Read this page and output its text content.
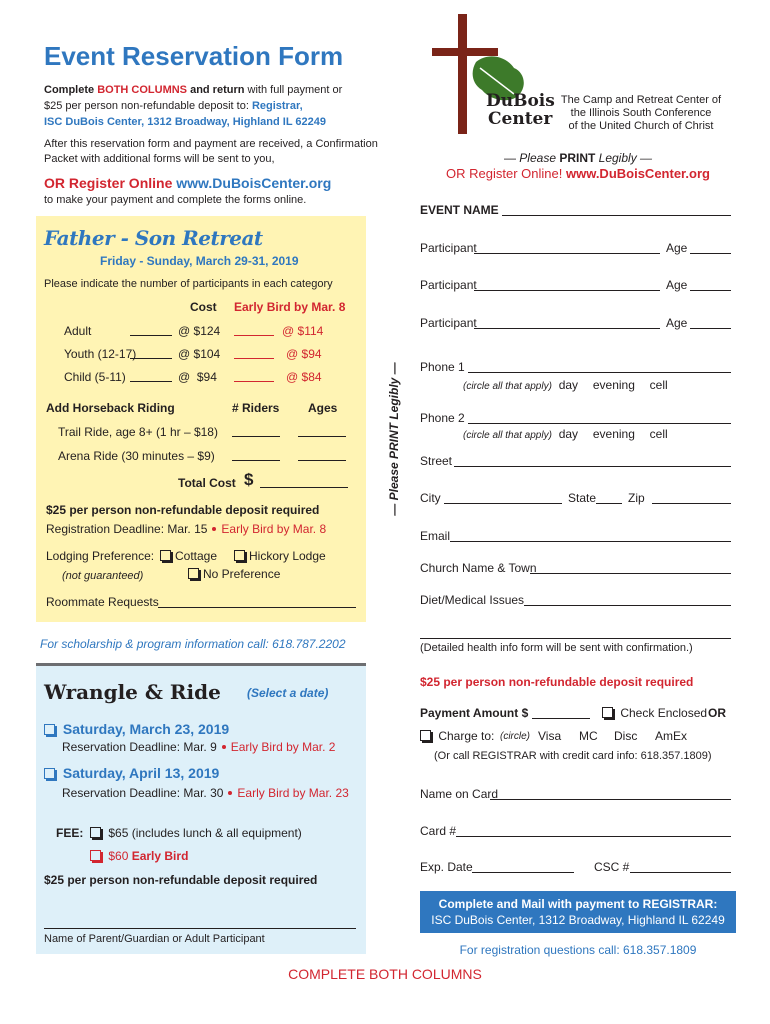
Event Reservation Form
Complete BOTH COLUMNS and return with full payment or
$25 per person non-refundable deposit to: Registrar,
ISC DuBois Center, 1312 Broadway, Highland IL 62249
After this reservation form and payment are received, a Confirmation
Packet with additional forms will be sent to you,
OR Register Online www.DuBoisCenter.org
to make your payment and complete the forms online.
DuBois
Center
The Camp and Retreat Center of
the Illinois South Conference
of the United Church of Christ
— Please PRINT Legibly —
OR Register Online! www.DuBoisCenter.org
Father - Son Retreat
Friday - Sunday, March 29-31, 2019
Please indicate the number of participants in each category
Cost Early Bird by Mar. 8
Adult	@ $124	@ $114
Youth (12-17)	@ $104	@ $94
Child (5-11)	@  $94	@ $84
Add Horseback Riding	# Riders Ages
Trail Ride, age 8+ (1 hr – $18)
Arena Ride (30 minutes – $9)
Total Cost $
$25 per person non-refundable deposit required
Registration Deadline: Mar. 15 Early Bird by Mar. 8
Lodging Preference:	Cottage	Hickory Lodge
(not guaranteed)	No Preference
Roommate Requests
For scholarship & program information call: 618.787.2202
Wrangle & Ride (Select a date)
Saturday, March 23, 2019
Reservation Deadline: Mar. 9 Early Bird by Mar. 2
Saturday, April 13, 2019
Reservation Deadline: Mar. 30 Early Bird by Mar. 23
FEE:	$65 (includes lunch & all equipment)
$60 Early Bird
$25 per person non-refundable deposit required
Name of Parent/Guardian or Adult Participant
— Please PRINT Legibly —
EVENT NAME
Participant	Age
Participant	Age
Participant	Age
Phone 1
(circle all that apply) day evening cell
Phone 2
(circle all that apply) day evening cell
Street
City	State	Zip
Email
Church Name & Town
Diet/Medical Issues
(Detailed health info form will be sent with confirmation.)
$25 per person non-refundable deposit required
Payment Amount $	Check Enclosed OR
Charge to: (circle) Visa MC Disc AmEx
(Or call REGISTRAR with credit card info: 618.357.1809)
Name on Card
Card #
Exp. Date	CSC #
Complete and Mail with payment to REGISTRAR:
ISC DuBois Center, 1312 Broadway, Highland IL 62249
For registration questions call: 618.357.1809
COMPLETE BOTH COLUMNS
